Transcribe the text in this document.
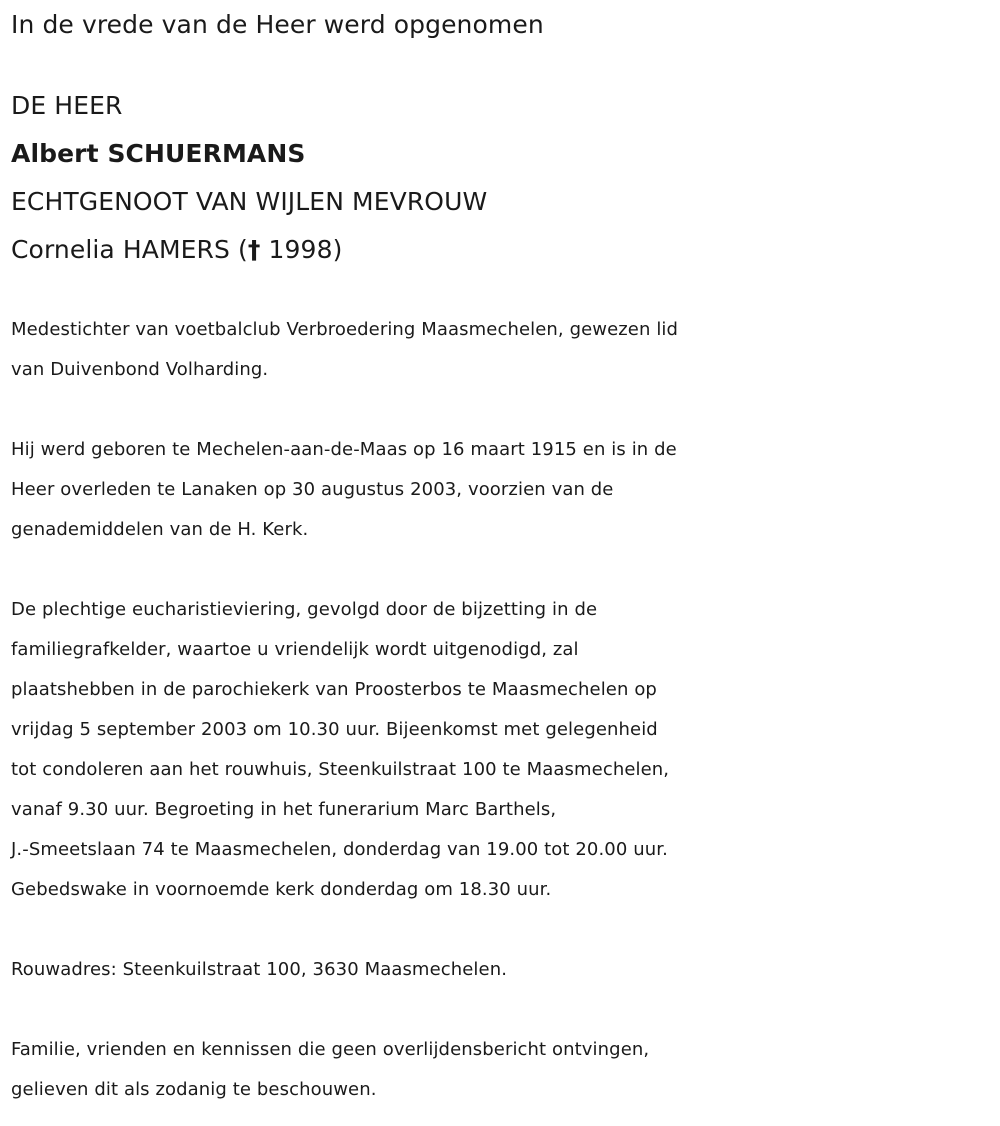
In de vrede van de Heer werd opgenomen
DE HEER
Albert SCHUERMANS
ECHTGENOOT VAN WIJLEN MEVROUW
Cornelia HAMERS († 1998)
Medestichter van voetbalclub Verbroedering Maasmechelen, gewezen lid
van Duivenbond Volharding.
Hij werd geboren te Mechelen-aan-de-Maas op 16 maart 1915 en is in de
Heer overleden te Lanaken op 30 augustus 2003, voorzien van de
genademiddelen van de H. Kerk.
De plechtige eucharistieviering, gevolgd door de bijzetting in de
familiegrafkelder, waartoe u vriendelijk wordt uitgenodigd, zal
plaatshebben in de parochiekerk van Proosterbos te Maasmechelen op
vrijdag 5 september 2003 om 10.30 uur. Bijeenkomst met gelegenheid
tot condoleren aan het rouwhuis, Steenkuilstraat 100 te Maasmechelen,
vanaf 9.30 uur. Begroeting in het funerarium Marc Barthels,
J.-Smeetslaan 74 te Maasmechelen, donderdag van 19.00 tot 20.00 uur.
Gebedswake in voornoemde kerk donderdag om 18.30 uur.
Rouwadres: Steenkuilstraat 100, 3630 Maasmechelen.
Familie, vrienden en kennissen die geen overlijdensbericht ontvingen,
gelieven dit als zodanig te beschouwen.
